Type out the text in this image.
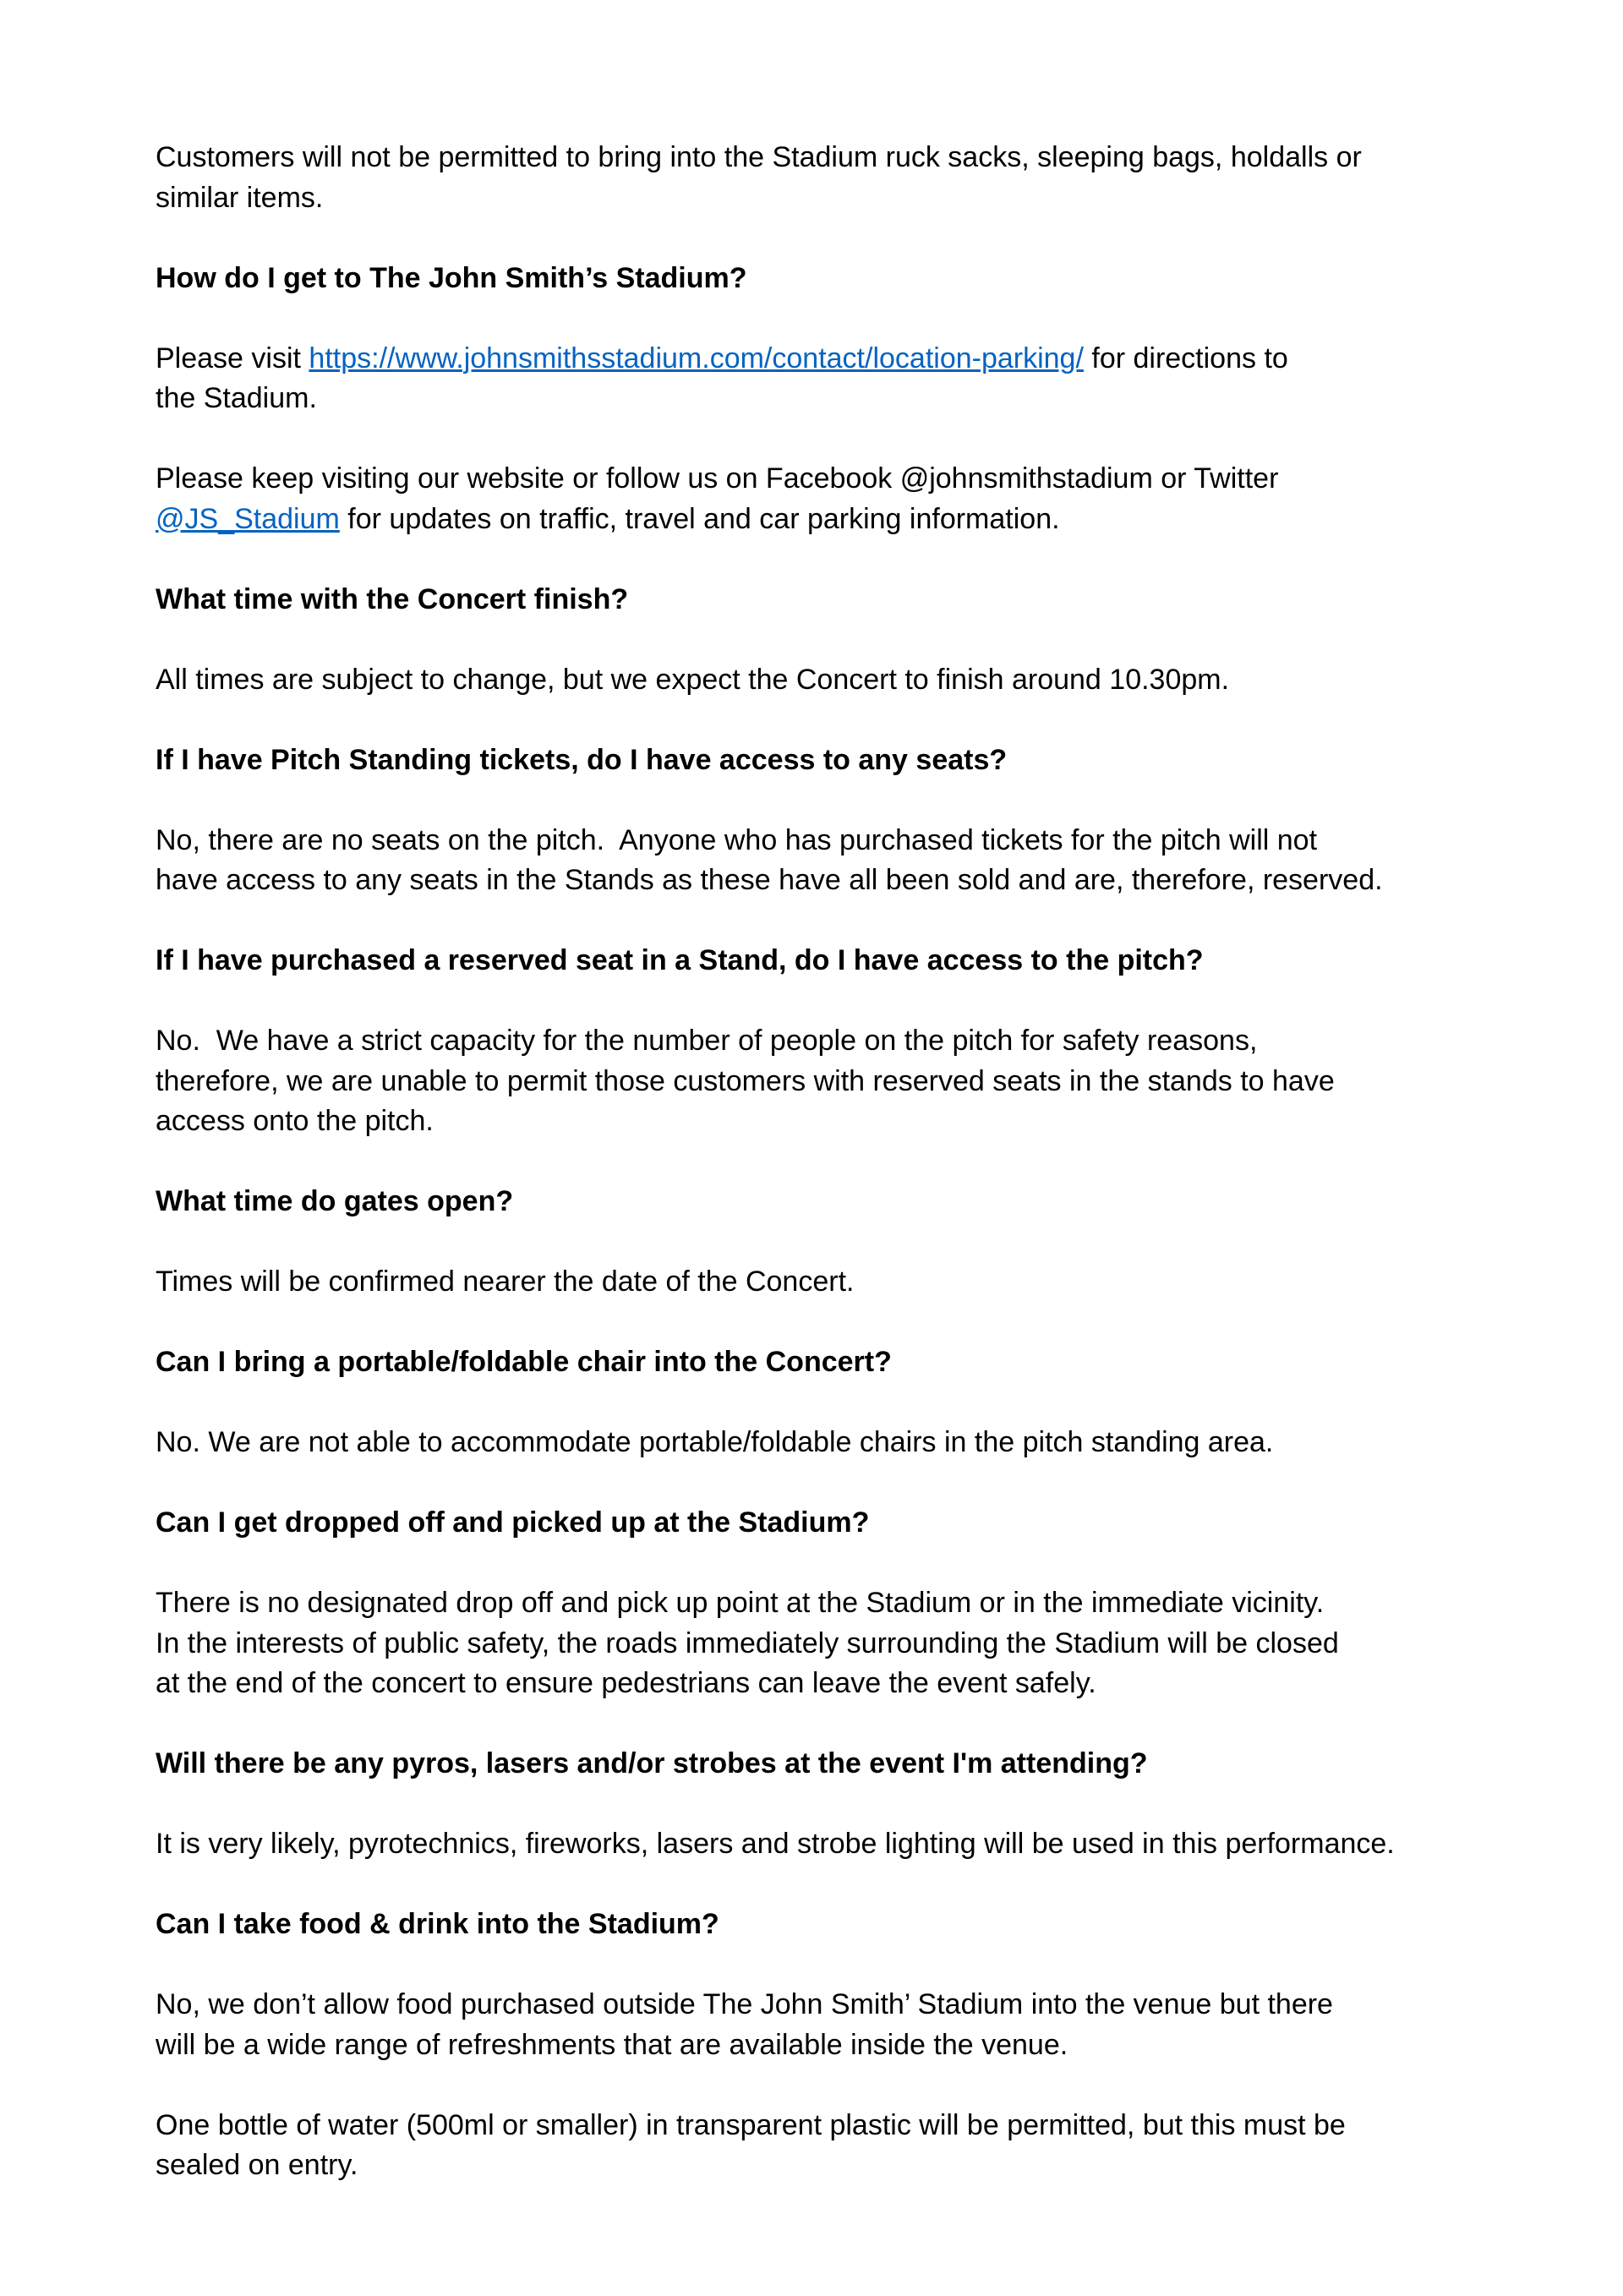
Customers will not be permitted to bring into the Stadium ruck sacks, sleeping bags, holdalls or
similar items.

How do I get to The John Smith’s Stadium?

Please visit https://www.johnsmithsstadium.com/contact/location-parking/ for directions to
the Stadium.

Please keep visiting our website or follow us on Facebook @johnsmithstadium or Twitter
@JS_Stadium for updates on traffic, travel and car parking information.

What time with the Concert finish?

All times are subject to change, but we expect the Concert to finish around 10.30pm.

If I have Pitch Standing tickets, do I have access to any seats?

No, there are no seats on the pitch.  Anyone who has purchased tickets for the pitch will not
have access to any seats in the Stands as these have all been sold and are, therefore, reserved.

If I have purchased a reserved seat in a Stand, do I have access to the pitch?

No.  We have a strict capacity for the number of people on the pitch for safety reasons,
therefore, we are unable to permit those customers with reserved seats in the stands to have
access onto the pitch.

What time do gates open?

Times will be confirmed nearer the date of the Concert.

Can I bring a portable/foldable chair into the Concert?

No. We are not able to accommodate portable/foldable chairs in the pitch standing area.

Can I get dropped off and picked up at the Stadium?

There is no designated drop off and pick up point at the Stadium or in the immediate vicinity.
In the interests of public safety, the roads immediately surrounding the Stadium will be closed
at the end of the concert to ensure pedestrians can leave the event safely.

Will there be any pyros, lasers and/or strobes at the event I'm attending?

It is very likely, pyrotechnics, fireworks, lasers and strobe lighting will be used in this performance.

Can I take food & drink into the Stadium?

No, we don’t allow food purchased outside The John Smith’ Stadium into the venue but there
will be a wide range of refreshments that are available inside the venue.

One bottle of water (500ml or smaller) in transparent plastic will be permitted, but this must be
sealed on entry.
